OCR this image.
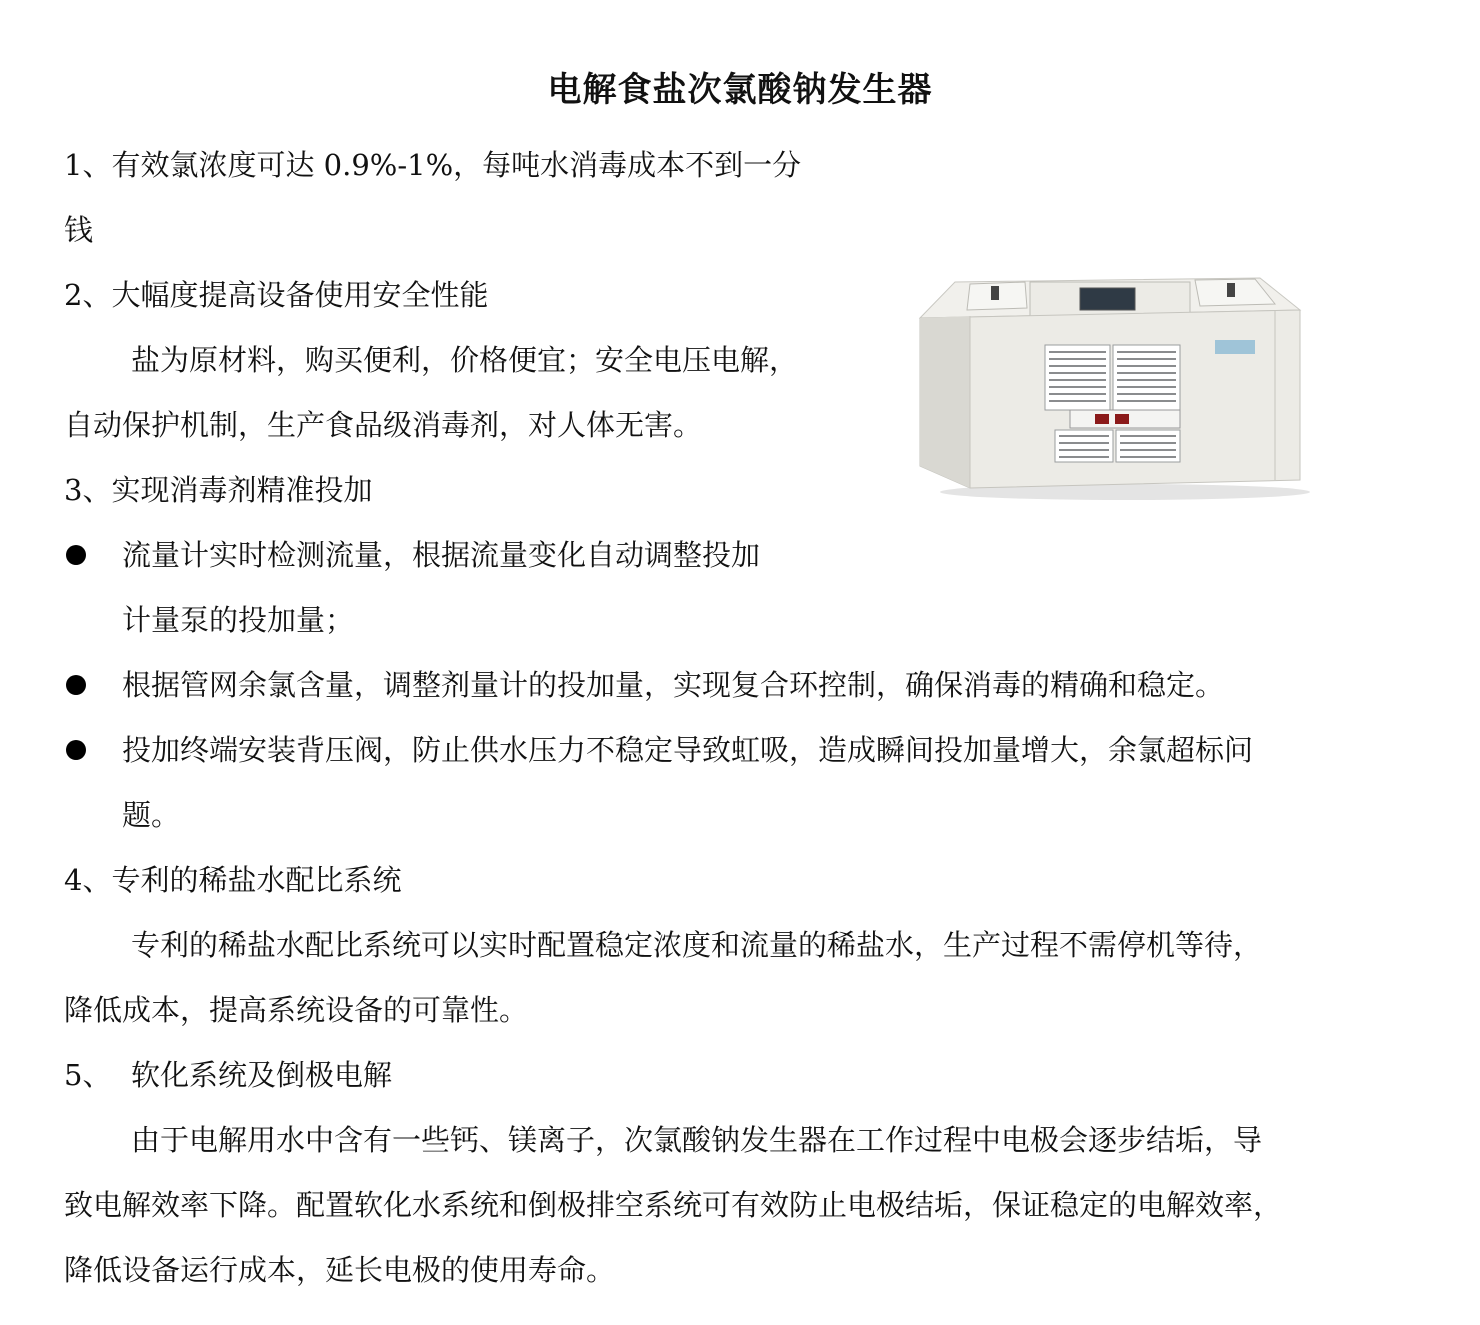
电解食盐次氯酸钠发生器
1、有效氯浓度可达 0.9%-1%，每吨水消毒成本不到一分
钱
2、大幅度提高设备使用安全性能
盐为原材料，购买便利，价格便宜；安全电压电解，
自动保护机制，生产食品级消毒剂，对人体无害。
3、实现消毒剂精准投加
流量计实时检测流量，根据流量变化自动调整投加
计量泵的投加量；
根据管网余氯含量，调整剂量计的投加量，实现复合环控制，确保消毒的精确和稳定。
投加终端安装背压阀，防止供水压力不稳定导致虹吸，造成瞬间投加量增大，余氯超标问
题。
4、专利的稀盐水配比系统
专利的稀盐水配比系统可以实时配置稳定浓度和流量的稀盐水，生产过程不需停机等待，
降低成本，提高系统设备的可靠性。
5、 软化系统及倒极电解
由于电解用水中含有一些钙、镁离子，次氯酸钠发生器在工作过程中电极会逐步结垢，导
致电解效率下降。配置软化水系统和倒极排空系统可有效防止电极结垢，保证稳定的电解效率，
降低设备运行成本，延长电极的使用寿命。
